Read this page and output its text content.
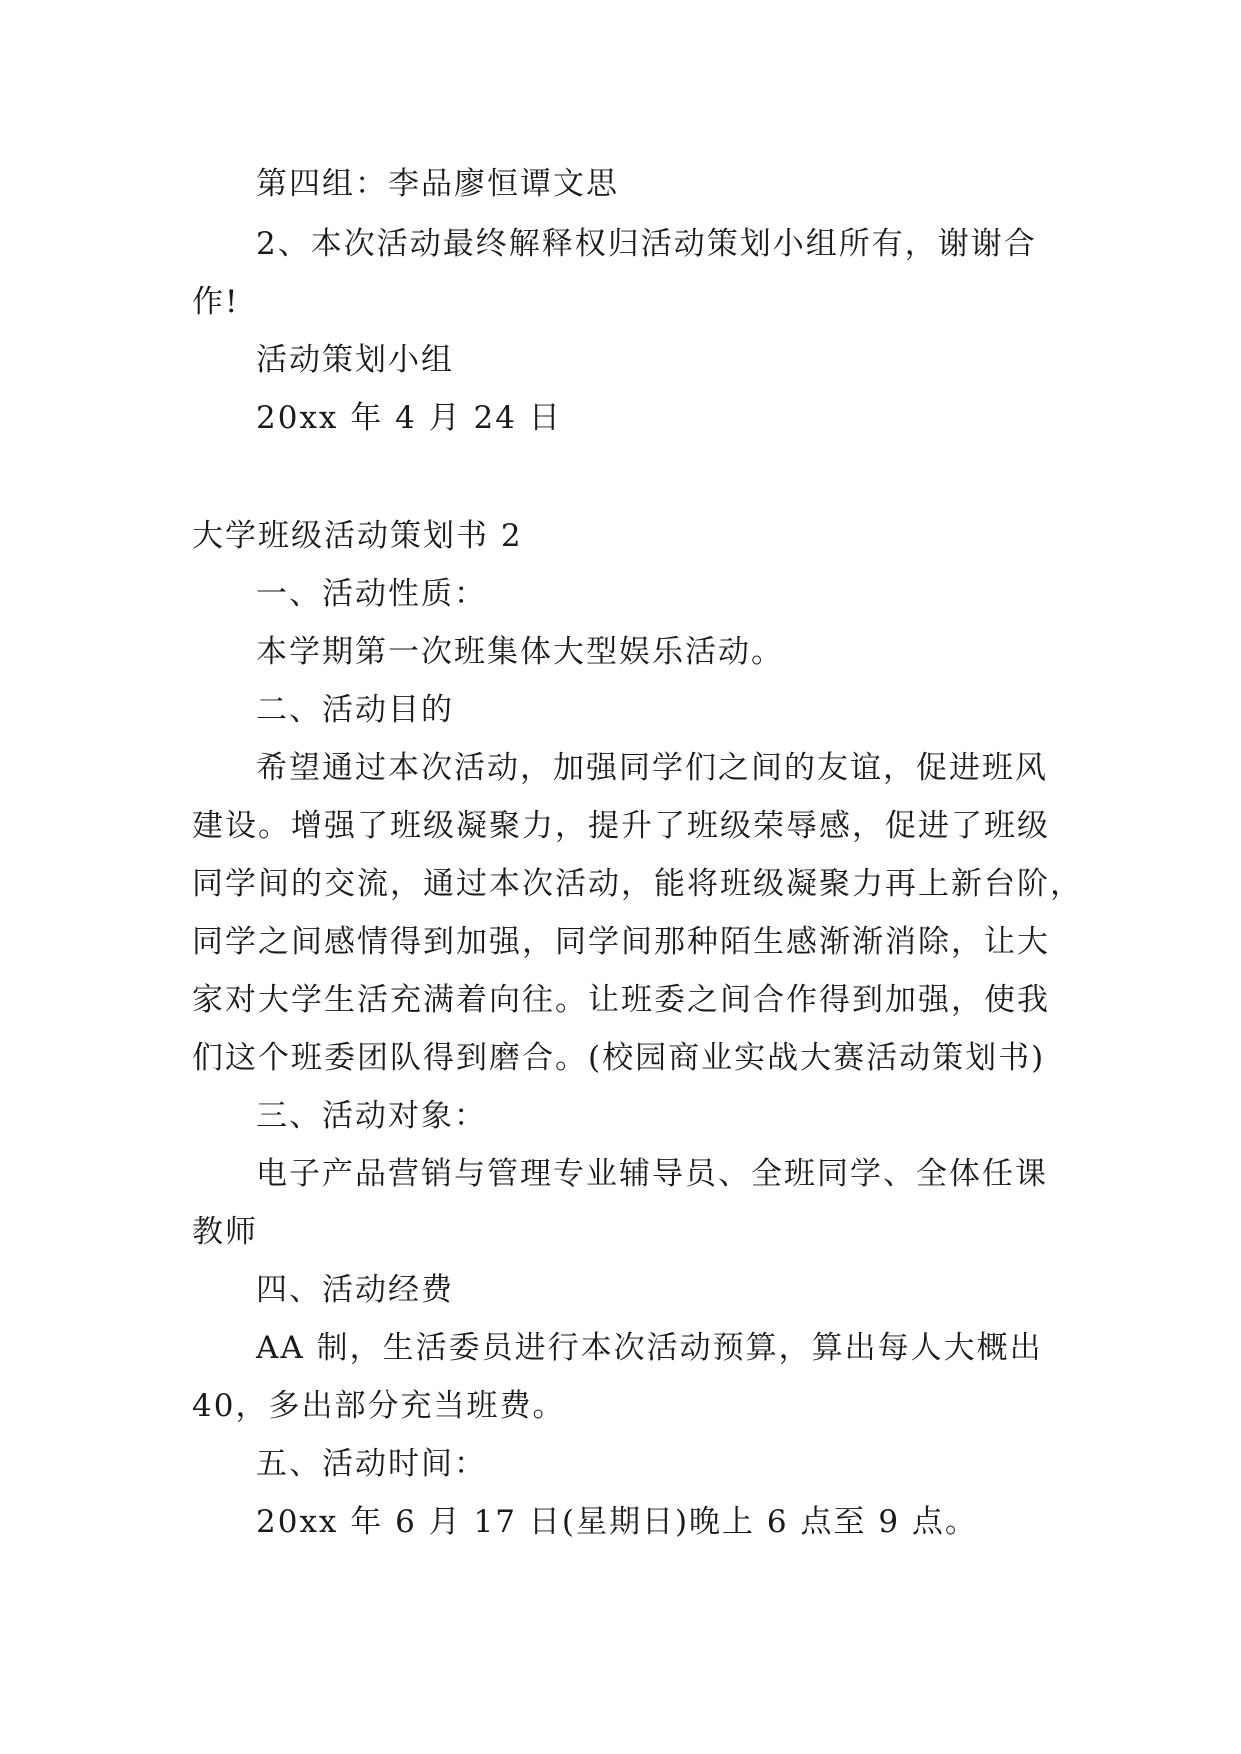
第四组：李品廖恒谭文思
2、本次活动最终解释权归活动策划小组所有，谢谢合
作!
活动策划小组
20xx 年 4 月 24 日
大学班级活动策划书 2
一、活动性质：
本学期第一次班集体大型娱乐活动。
二、活动目的
希望通过本次活动，加强同学们之间的友谊，促进班风
建设。增强了班级凝聚力，提升了班级荣辱感，促进了班级
同学间的交流，通过本次活动，能将班级凝聚力再上新台阶，
同学之间感情得到加强，同学间那种陌生感渐渐消除，让大
家对大学生活充满着向往。让班委之间合作得到加强，使我
们这个班委团队得到磨合。(校园商业实战大赛活动策划书)
三、活动对象：
电子产品营销与管理专业辅导员、全班同学、全体任课
教师
四、活动经费
AA 制，生活委员进行本次活动预算，算出每人大概出
40，多出部分充当班费。
五、活动时间：
20xx 年 6 月 17 日(星期日)晚上 6 点至 9 点。
